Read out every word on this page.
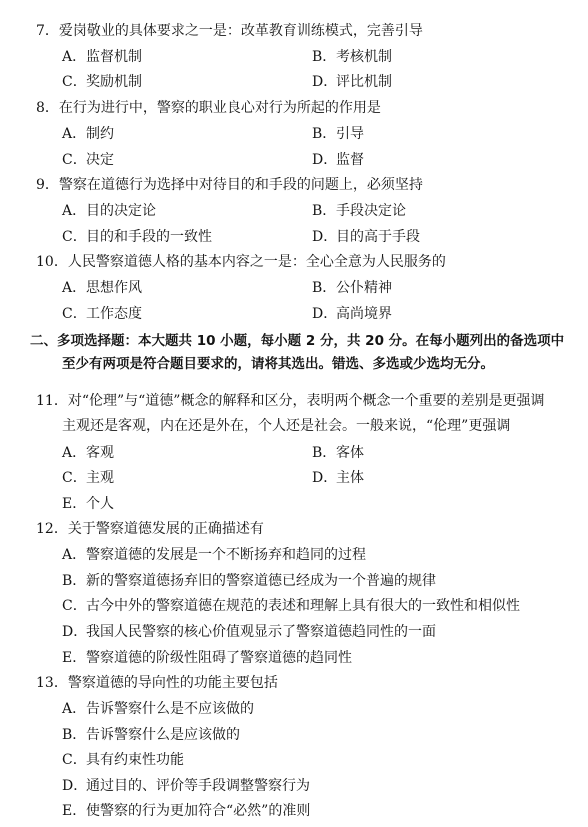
7．爱岗敬业的具体要求之一是：改革教育训练模式，完善引导
A．监督机制	B．考核机制
C．奖励机制	D．评比机制
8．在行为进行中，警察的职业良心对行为所起的作用是
A．制约	B．引导
C．决定	D．监督
9．警察在道德行为选择中对待目的和手段的问题上，必须坚持
A．目的决定论	B．手段决定论
C．目的和手段的一致性	D．目的高于手段
10．人民警察道德人格的基本内容之一是：全心全意为人民服务的
A．思想作风	B．公仆精神
C．工作态度	D．高尚境界
二、多项选择题：本大题共 10 小题，每小题 2 分，共 20 分。在每小题列出的备选项中
至少有两项是符合题目要求的，请将其选出。错选、多选或少选均无分。
11．对“伦理”与“道德”概念的解释和区分，表明两个概念一个重要的差别是更强调
主观还是客观，内在还是外在，个人还是社会。一般来说，“伦理”更强调
A．客观	B．客体
C．主观	D．主体
E．个人
12．关于警察道德发展的正确描述有
A．警察道德的发展是一个不断扬弃和趋同的过程
B．新的警察道德扬弃旧的警察道德已经成为一个普遍的规律
C．古今中外的警察道德在规范的表述和理解上具有很大的一致性和相似性
D．我国人民警察的核心价值观显示了警察道德趋同性的一面
E．警察道德的阶级性阻碍了警察道德的趋同性
13．警察道德的导向性的功能主要包括
A．告诉警察什么是不应该做的
B．告诉警察什么是应该做的
C．具有约束性功能
D．通过目的、评价等手段调整警察行为
E．使警察的行为更加符合“必然”的准则
